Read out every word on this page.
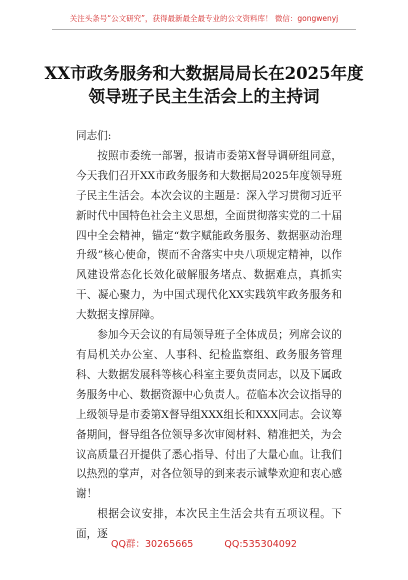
关注头条号“公文研究”，获得最新最全最专业的公文资料库！ 微信：gongwenyj
XX市政务服务和大数据局局长在2025年度领导班子民主生活会上的主持词

同志们:

按照市委统一部署，报请市委第X督导调研组同意，今天我们召开XX市政务服务和大数据局2025年度领导班子民主生活会。本次会议的主题是：深入学习贯彻习近平新时代中国特色社会主义思想，全面贯彻落实党的二十届四中全会精神，锚定“数字赋能政务服务、数据驱动治理升级”核心使命，锲而不舍落实中央八项规定精神，以作风建设常态化长效化破解服务堵点、数据难点，真抓实干、凝心聚力，为中国式现代化XX实践筑牢政务服务和大数据支撑屏障。

参加今天会议的有局领导班子全体成员；列席会议的有局机关办公室、人事科、纪检监察组、政务服务管理科、大数据发展科等核心科室主要负责同志，以及下属政务服务中心、数据资源中心负责人。莅临本次会议指导的上级领导是市委第X督导组XXX组长和XXX同志。会议筹备期间，督导组各位领导多次审阅材料、精准把关，为会议高质量召开提供了悉心指导、付出了大量心血。让我们以热烈的掌声，对各位领导的到来表示诚挚欢迎和衷心感谢！

根据会议安排，本次民主生活会共有五项议程。下面，逐

QQ群：30265665	QQ:535304092
